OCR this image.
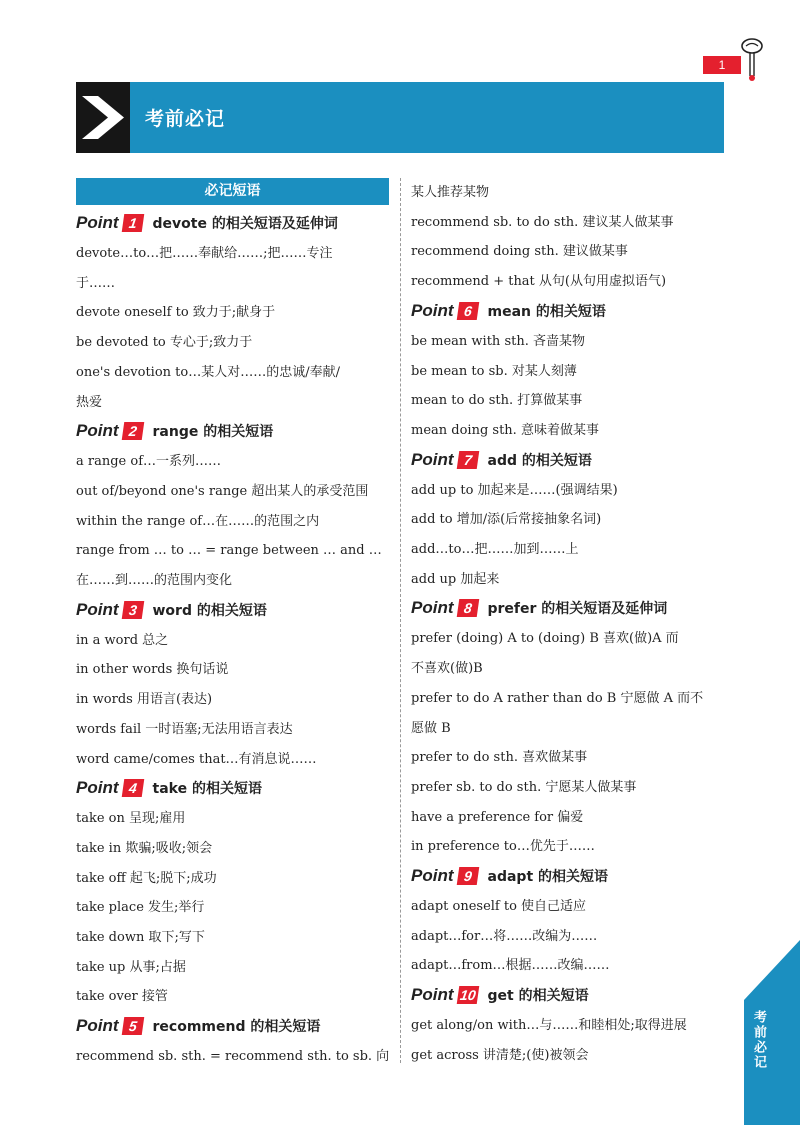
1
考前必记
必记短语
Point 1	devote 的相关短语及延伸词
devote…to…把……奉献给……;把……专注
于……
devote oneself to 致力于;献身于
be devoted to 专心于;致力于
one's devotion to…某人对……的忠诚/奉献/
热爱
Point 2	range 的相关短语
a range of…一系列……
out of/beyond one's range 超出某人的承受范围
within the range of…在……的范围之内
range from … to … = range between … and …
在……到……的范围内变化
Point 3	word 的相关短语
in a word 总之
in other words 换句话说
in words 用语言(表达)
words fail 一时语塞;无法用语言表达
word came/comes that…有消息说……
Point 4	take 的相关短语
take on 呈现;雇用
take in 欺骗;吸收;领会
take off 起飞;脱下;成功
take place 发生;举行
take down 取下;写下
take up 从事;占据
take over 接管
Point 5	recommend 的相关短语
recommend sb. sth. = recommend sth. to sb. 向
某人推荐某物
recommend sb. to do sth. 建议某人做某事
recommend doing sth. 建议做某事
recommend + that 从句(从句用虚拟语气)
Point 6	mean 的相关短语
be mean with sth. 吝啬某物
be mean to sb. 对某人刻薄
mean to do sth. 打算做某事
mean doing sth. 意味着做某事
Point 7	add 的相关短语
add up to 加起来是……(强调结果)
add to 增加/添(后常接抽象名词)
add…to…把……加到……上
add up 加起来
Point 8	prefer 的相关短语及延伸词
prefer (doing) A to (doing) B 喜欢(做)A 而
不喜欢(做)B
prefer to do A rather than do B 宁愿做 A 而不
愿做 B
prefer to do sth. 喜欢做某事
prefer sb. to do sth. 宁愿某人做某事
have a preference for 偏爱
in preference to…优先于……
Point 9	adapt 的相关短语
adapt oneself to 使自己适应
adapt…for…将……改编为……
adapt…from…根据……改编……
Point 10 get 的相关短语
get along/on with…与……和睦相处;取得进展
get across 讲清楚;(使)被领会	考前必记
